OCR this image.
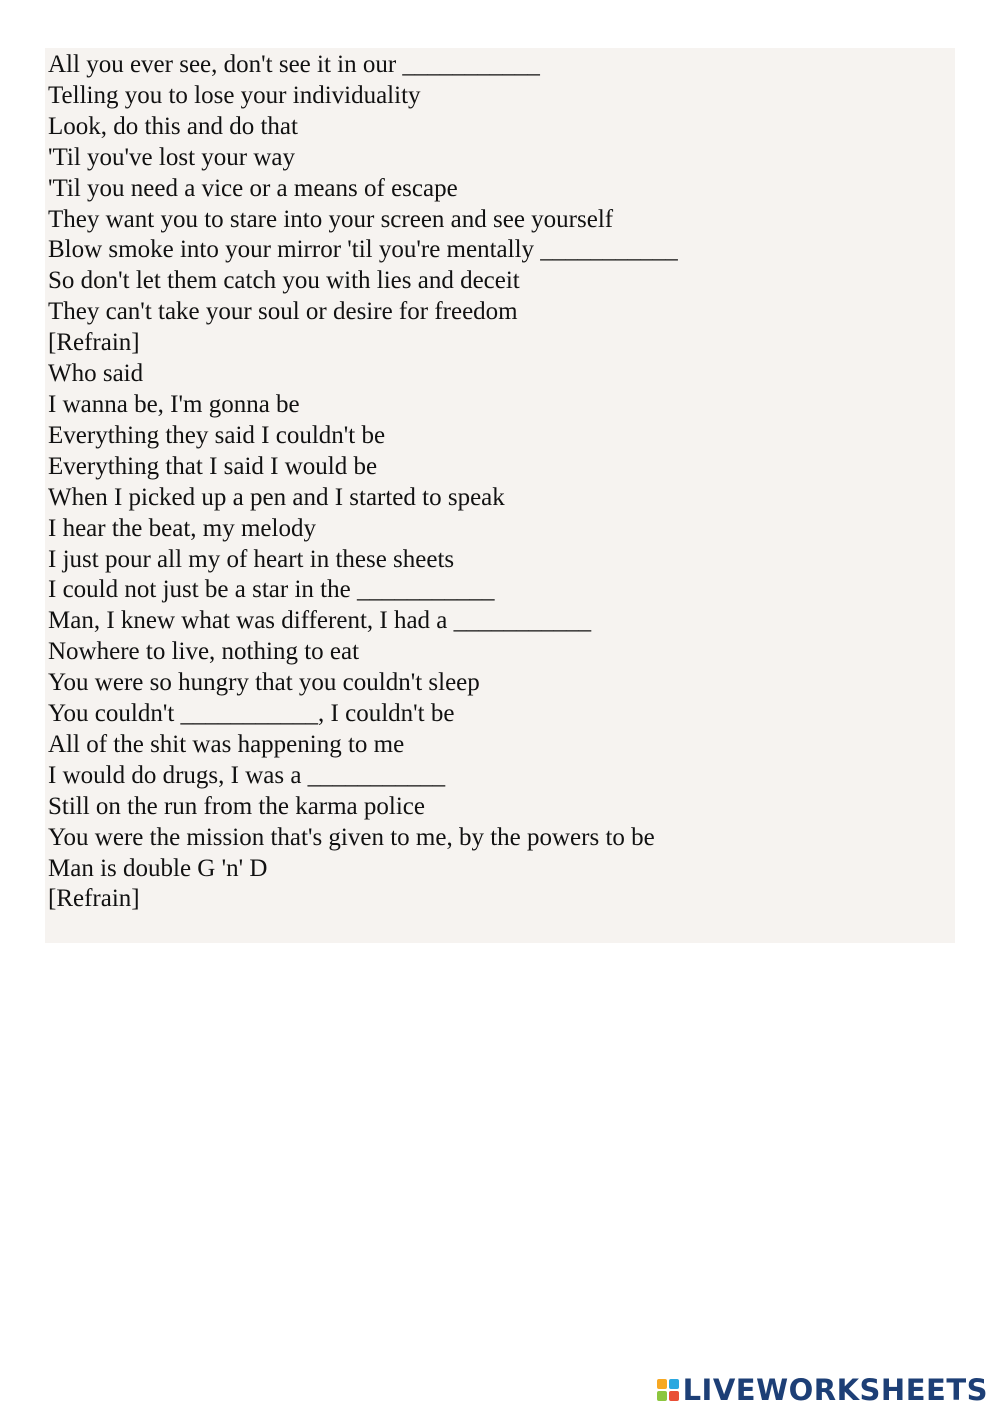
All you ever see, don't see it in our ___________

Telling you to lose your individuality

Look, do this and do that

'Til you've lost your way

'Til you need a vice or a means of escape

They want you to stare into your screen and see yourself

Blow smoke into your mirror 'til you're mentally ___________

So don't let them catch you with lies and deceit

They can't take your soul or desire for freedom

[Refrain]

Who said

I wanna be, I'm gonna be

Everything they said I couldn't be

Everything that I said I would be

When I picked up a pen and I started to speak

I hear the beat, my melody

I just pour all my of heart in these sheets

I could not just be a star in the ___________

Man, I knew what was different, I had a ___________

Nowhere to live, nothing to eat

You were so hungry that you couldn't sleep

You couldn't ___________, I couldn't be

All of the shit was happening to me

I would do drugs, I was a ___________

Still on the run from the karma police

You were the mission that's given to me, by the powers to be

Man is double G 'n' D

[Refrain]

LIVEWORKSHEETS
